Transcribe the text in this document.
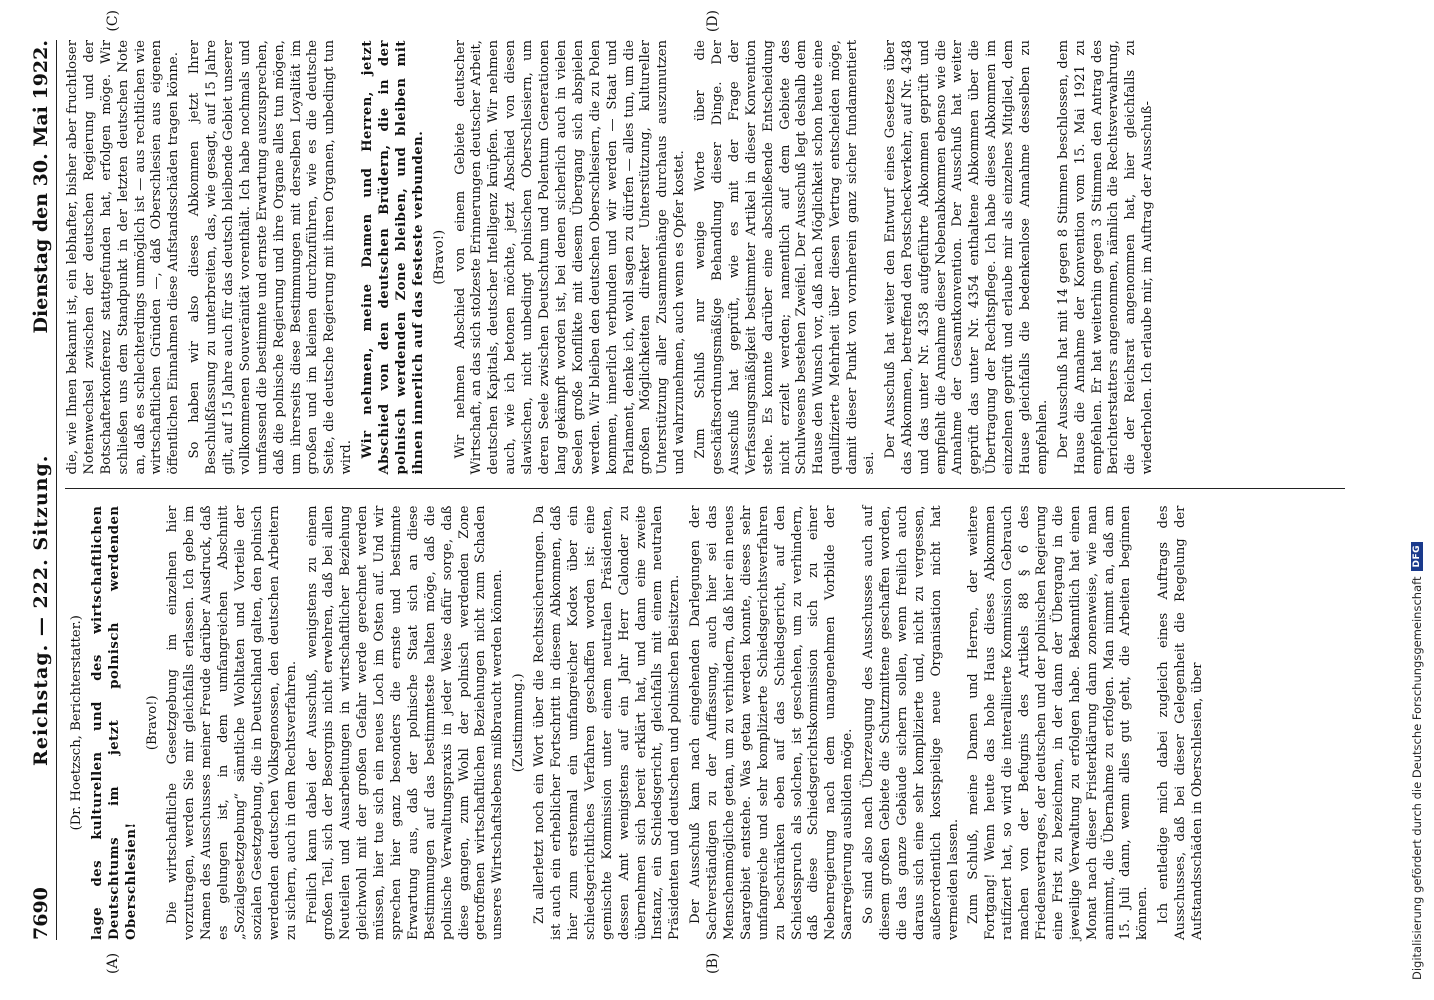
7690
Reichstag. — 222. Sitzung.
Dienstag den 30. Mai 1922.
(A)	(B)

(Dr. Hoetzsch, Berichterstatter.) lage des kulturellen und des wirtschaftlichen Deutschtums im jetzt polnisch werdenden Oberschlesien!

(Bravo!) Die wirtschaftliche Gesetzgebung im einzelnen hier vorzutragen, werden Sie mir gleichfalls erlassen. Ich gebe im Namen des Ausschusses meiner Freude darüber Ausdruck, daß es gelungen ist, in dem umfangreichen Abschnitt „Sozialgesetzgebung“ sämtliche Wohltaten und Vorteile der sozialen Gesetzgebung, die in Deutschland galten, den polnisch werdenden deutschen Volksgenossen, den deutschen Arbeitern zu sichern, auch in dem Rechtsverfahren. Freilich kann dabei der Ausschuß, wenigstens zu einem großen Teil, sich der Besorgnis nicht erwehren, daß bei allen Neuteilen und Ausarbeitungen in wirtschaftlicher Beziehung gleichwohl mit der großen Gefahr werde gerechnet werden müssen, hier tue sich ein neues Loch im Osten auf. Und wir sprechen hier ganz besonders die ernste und bestimmte Erwartung aus, daß der polnische Staat sich an diese Bestimmungen auf das bestimmteste halten möge, daß die polnische Verwaltungspraxis in jeder Weise dafür sorge, daß diese gangen, zum Wohl der polnisch werdenden Zone getroffenen wirtschaftlichen Beziehungen nicht zum Schaden unseres Wirtschaftslebens mißbraucht werden können. (Zustimmung.) Zu allerletzt noch ein Wort über die Rechtssicherungen. Da ist auch ein erheblicher Fortschritt in diesem Abkommen, daß hier zum erstenmal ein umfangreicher Kodex über ein schiedsgerichtliches Verfahren geschaffen worden ist: eine gemischte Kommission unter einem neutralen Präsidenten, dessen Amt wenigstens auf ein Jahr Herr Calonder zu übernehmen sich bereit erklärt hat, und dann eine zweite Instanz, ein Schiedsgericht, gleichfalls mit einem neutralen Präsidenten und deutschen und polnischen Beisitzern. Der Ausschuß kam nach eingehenden Darlegungen der Sachverständigen zu der Auffassung, auch hier sei das Menschenmögliche getan, um zu verhindern, daß hier ein neues Saargebiet entstehe. Was getan werden konnte, dieses sehr umfangreiche und sehr komplizierte Schiedsgerichtsverfahren zu beschränken eben auf das Schiedsgericht, auf den Schiedsspruch als solchen, ist geschehen, um zu verhindern, daß diese Schiedsgerichtskommission sich zu einer Nebenregierung nach dem unangenehmen Vorbilde der Saarregierung ausbilden möge. So sind also nach Überzeugung des Ausschusses auch auf diesem großen Gebiete die Schutzmittene geschaffen worden, die das ganze Gebäude sichern sollen, wenn freilich auch daraus sich eine sehr komplizierte und, nicht zu vergessen, außerordentlich kostspielige neue Organisation nicht hat vermeiden lassen. Zum Schluß, meine Damen und Herren, der weitere Fortgang! Wenn heute das hohe Haus dieses Abkommen ratifiziert hat, so wird die interalliierte Kommission Gebrauch machen von der Befugnis des Artikels 88 § 6 des Friedensvertrages, der deutschen und der polnischen Regierung eine Frist zu bezeichnen, in der dann der Übergang in die jeweilige Verwaltung zu erfolgen habe. Bekanntlich hat einen Monat nach dieser Fristerklärung dann zonenweise, wie man annimmt, die Übernahme zu erfolgen. Man nimmt an, daß am 15. Juli dann, wenn alles gut geht, die Arbeiten beginnen können. Ich entledige mich dabei zugleich eines Auftrags des Ausschusses, daß bei dieser Gelegenheit die Regelung der Aufstandsschäden in Oberschlesien, über

(C)	(D)

die, wie Ihnen bekannt ist, ein lebhafter, bisher aber fruchtloser Notenwechsel zwischen der deutschen Regierung und der Botschafterkonferenz stattgefunden hat, erfolgen möge. Wir schließen uns dem Standpunkt in der letzten deutschen Note an, daß es schlechterdings unmöglich ist — aus rechtlichen wie wirtschaftlichen Gründen —, daß Oberschlesien aus eigenen öffentlichen Einnahmen diese Aufstandsschäden tragen könne. So haben wir also dieses Abkommen jetzt Ihrer Beschlußfassung zu unterbreiten, das, wie gesagt, auf 15 Jahre gilt, auf 15 Jahre auch für das deutsch bleibende Gebiet unserer vollkommenen Souveränität vorenthält. Ich habe nochmals und umfassend die bestimmte und ernste Erwartung auszusprechen, daß die polnische Regierung und ihre Organe alles tun mögen, um ihrerseits diese Bestimmungen mit derselben Loyalität im großen und im kleinen durchzuführen, wie es die deutsche Seite, die deutsche Regierung mit ihren Organen, unbedingt tun wird. Wir nehmen, meine Damen und Herren, jetzt Abschied von den deutschen Brüdern, die in der polnisch werdenden Zone bleiben, und bleiben mit ihnen innerlich auf das festeste verbunden. (Bravo!) Wir nehmen Abschied von einem Gebiete deutscher Wirtschaft, an das sich stolzeste Erinnerungen deutscher Arbeit, deutschen Kapitals, deutscher Intelligenz knüpfen. Wir nehmen auch, wie ich betonen möchte, jetzt Abschied von diesen slawischen, nicht unbedingt polnischen Oberschlesiern, um deren Seele zwischen Deutschtum und Polentum Generationen lang gekämpft worden ist, bei denen sicherlich auch in vielen Seelen große Konflikte mit diesem Übergang sich abspielen werden. Wir bleiben den deutschen Oberschlesiern, die zu Polen kommen, innerlich verbunden und wir werden — Staat und Parlament, denke ich, wohl sagen zu dürfen — alles tun, um die großen Möglichkeiten direkter Unterstützung, kultureller Unterstützung aller Zusammenhänge durchaus auszunutzen und wahrzunehmen, auch wenn es Opfer kostet. Zum Schluß nur wenige Worte über die geschäftsordnungsmäßige Behandlung dieser Dinge. Der Ausschuß hat geprüft, wie es mit der Frage der Verfassungsmäßigkeit bestimmter Artikel in dieser Konvention stehe. Es konnte darüber eine abschließende Entscheidung nicht erzielt werden; namentlich auf dem Gebiete des Schulwesens bestehen Zweifel. Der Ausschuß legt deshalb dem Hause den Wunsch vor, daß nach Möglichkeit schon heute eine qualifizierte Mehrheit über diesen Vertrag entscheiden möge, damit dieser Punkt von vornherein ganz sicher fundamentiert sei.

Der Ausschuß hat weiter den Entwurf eines Gesetzes über das Abkommen, betreffend den Postscheckverkehr, auf Nr. 4348 und das unter Nr. 4358 aufgeführte Abkommen geprüft und empfiehlt die Annahme dieser Nebenabkommen ebenso wie die Annahme der Gesamtkonvention. Der Ausschuß hat weiter geprüft das unter Nr. 4354 enthaltene Abkommen über die Übertragung der Rechtspflege. Ich habe dieses Abkommen im einzelnen geprüft und erlaube mir als einzelnes Mitglied, dem Hause gleichfalls die bedenkenlose Annahme desselben zu empfehlen. Der Ausschuß hat mit 14 gegen 8 Stimmen beschlossen, dem Hause die Annahme der Konvention vom 15. Mai 1921 zu empfehlen. Er hat weiterhin gegen 3 Stimmen den Antrag des Berichterstatters angenommen, nämlich die Rechtsverwahrung, die der Reichsrat angenommen hat, hier gleichfalls zu wiederholen. Ich erlaube mir, im Auftrag der Ausschuß-

Digitalisierung gefördert durch die Deutsche Forschungsgemeinschaft
DFG
